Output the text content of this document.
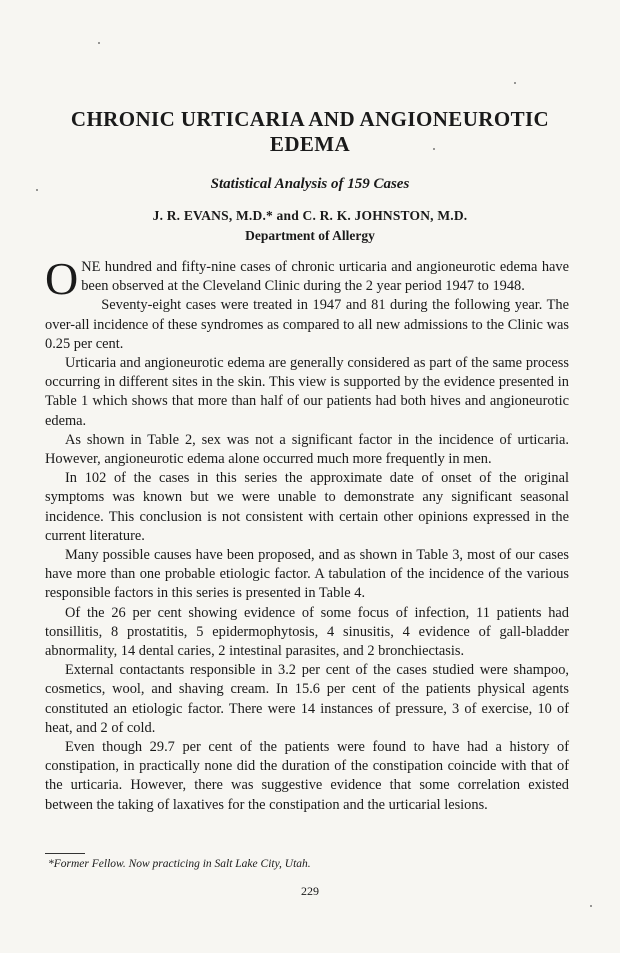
CHRONIC URTICARIA AND ANGIONEUROTIC
EDEMA
Statistical Analysis of 159 Cases
J. R. EVANS, M.D.* and C. R. K. JOHNSTON, M.D.
Department of Allergy

ONE hundred and fifty-nine cases of chronic urticaria and angioneurotic edema have been observed at the Cleveland Clinic during the 2 year period 1947 to 1948.

Seventy-eight cases were treated in 1947 and 81 during the following year. The over-all incidence of these syndromes as compared to all new admissions to the Clinic was 0.25 per cent.

Urticaria and angioneurotic edema are generally considered as part of the same process occurring in different sites in the skin. This view is supported by the evidence presented in Table 1 which shows that more than half of our patients had both hives and angioneurotic edema.

As shown in Table 2, sex was not a significant factor in the incidence of urticaria. However, angioneurotic edema alone occurred much more frequently in men.

In 102 of the cases in this series the approximate date of onset of the original symptoms was known but we were unable to demonstrate any significant seasonal incidence. This conclusion is not consistent with certain other opinions expressed in the current literature.

Many possible causes have been proposed, and as shown in Table 3, most of our cases have more than one probable etiologic factor. A tabulation of the incidence of the various responsible factors in this series is presented in Table 4.

Of the 26 per cent showing evidence of some focus of infection, 11 patients had tonsillitis, 8 prostatitis, 5 epidermophytosis, 4 sinusitis, 4 evidence of gall-bladder abnormality, 14 dental caries, 2 intestinal parasites, and 2 bronchiectasis.

External contactants responsible in 3.2 per cent of the cases studied were shampoo, cosmetics, wool, and shaving cream. In 15.6 per cent of the patients physical agents constituted an etiologic factor. There were 14 instances of pressure, 3 of exercise, 10 of heat, and 2 of cold.

Even though 29.7 per cent of the patients were found to have had a history of constipation, in practically none did the duration of the constipation coincide with that of the urticaria. However, there was suggestive evidence that some correlation existed between the taking of laxatives for the constipation and the urticarial lesions.

*Former Fellow. Now practicing in Salt Lake City, Utah.
229
